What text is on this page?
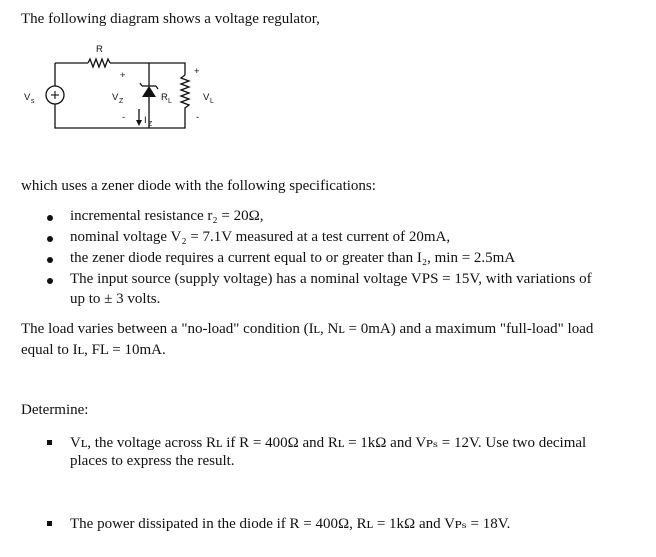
The following diagram shows a voltage regulator,
R
V s	V Z	R L	V L
I Z
+
-
+
-
which uses a zener diode with the following specifications:
incremental resistance r₂ = 20Ω,
nominal voltage V₂ = 7.1V measured at a test current of 20mA,
the zener diode requires a current equal to or greater than I₂, min = 2.5mA
The input source (supply voltage) has a nominal voltage VPS = 15V, with variations of
up to ± 3 volts.
The load varies between a "no-load" condition (Iʟ, Nʟ = 0mA) and a maximum "full-load" load
equal to Iʟ, FL = 10mA.
Determine:
Vʟ, the voltage across Rʟ if R = 400Ω and Rʟ = 1kΩ and Vᴘₛ = 12V. Use two decimal
places to express the result.
The power dissipated in the diode if R = 400Ω, Rʟ = 1kΩ and Vᴘₛ = 18V.
